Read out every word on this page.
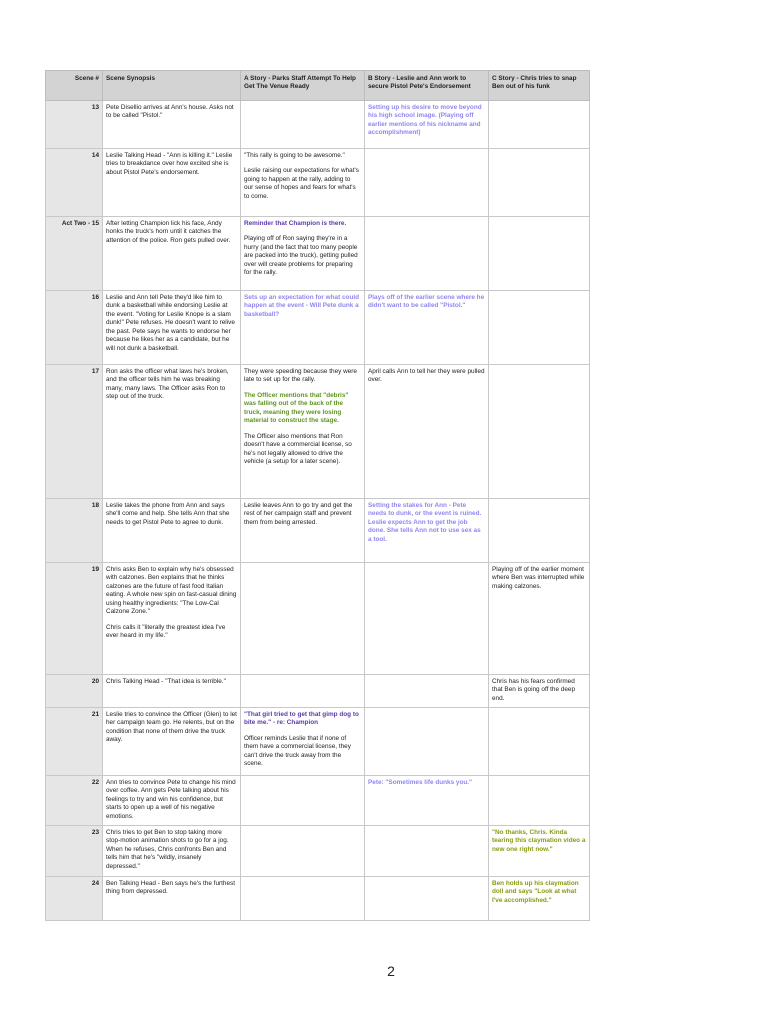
Scene #	Scene Synopsis	A Story - Parks Staff Attempt To Help Get The Venue Ready	B Story - Leslie and Ann work to secure Pistol Pete's Endorsement	C Story - Chris tries to snap Ben out of his funk
13	Pete Disellio arrives at Ann's house. Asks not to be called "Pistol."		Setting up his desire to move beyond his high school image. (Playing off earlier mentions of his nickname and accomplishment)	

14	Leslie Talking Head - "Ann is killing it." Leslie tries to breakdance over how excited she is about Pistol Pete's endorsement.	"This rally is going to be awesome."
Leslie raising our expectations for what's going to happen at the rally, adding to our sense of hopes and fears for what's to come.		

Act Two - 15	After letting Champion lick his face, Andy honks the truck's horn until it catches the attention of the police. Ron gets pulled over.	Reminder that Champion is there.
Playing off of Ron saying they're in a hurry (and the fact that too many people are packed into the truck), getting pulled over will create problems for preparing for the rally.		

16	Leslie and Ann tell Pete they'd like him to dunk a basketball while endorsing Leslie at the event. "Voting for Leslie Knope is a slam dunk!" Pete refuses. He doesn't want to relive the past. Pete says he wants to endorse her because he likes her as a candidate, but he will not dunk a basketball.	Sets up an expectation for what could happen at the event - Will Pete dunk a basketball?	Plays off of the earlier scene where he didn't want to be called "Pistol."	

17	Ron asks the officer what laws he's broken, and the officer tells him he was breaking many, many laws. The Officer asks Ron to step out of the truck.	They were speeding because they were late to set up for the rally.
The Officer mentions that "debris" was falling out of the back of the truck, meaning they were losing material to construct the stage.
The Officer also mentions that Ron doesn't have a commercial license, so he's not legally allowed to drive the vehicle (a setup for a later scene).	April calls Ann to tell her they were pulled over.	

18	Leslie takes the phone from Ann and says she'll come and help. She tells Ann that she needs to get Pistol Pete to agree to dunk.	Leslie leaves Ann to go try and get the rest of her campaign staff and prevent them from being arrested.	Setting the stakes for Ann - Pete needs to dunk, or the event is ruined. Leslie expects Ann to get the job done. She tells Ann not to use sex as a tool.	

19	Chris asks Ben to explain why he's obsessed with calzones. Ben explains that he thinks calzones are the future of fast food Italian eating. A whole new spin on fast-casual dining using healthy ingredients: "The Low-Cal Calzone Zone."
Chris calls it "literally the greatest idea I've ever heard in my life."			Playing off of the earlier moment where Ben was interrupted while making calzones.

20	Chris Talking Head - "That idea is terrible."			Chris has his fears confirmed that Ben is going off the deep end.

21	Leslie tries to convince the Officer (Glen) to let her campaign team go. He relents, but on the condition that none of them drive the truck away.	"That girl tried to get that gimp dog to bite me." - re: Champion
Officer reminds Leslie that if none of them have a commercial license, they can't drive the truck away from the scene.		

22	Ann tries to convince Pete to change his mind over coffee. Ann gets Pete talking about his feelings to try and win his confidence, but starts to open up a well of his negative emotions.		Pete: "Sometimes life dunks you."	

23	Chris tries to get Ben to stop taking more stop-motion animation shots to go for a jog. When he refuses, Chris confronts Ben and tells him that he's "wildly, insanely depressed."			"No thanks, Chris. Kinda tearing this claymation video a new one right now."

24	Ben Talking Head - Ben says he's the furthest thing from depressed.			Ben holds up his claymation doll and says "Look at what I've accomplished."
2
